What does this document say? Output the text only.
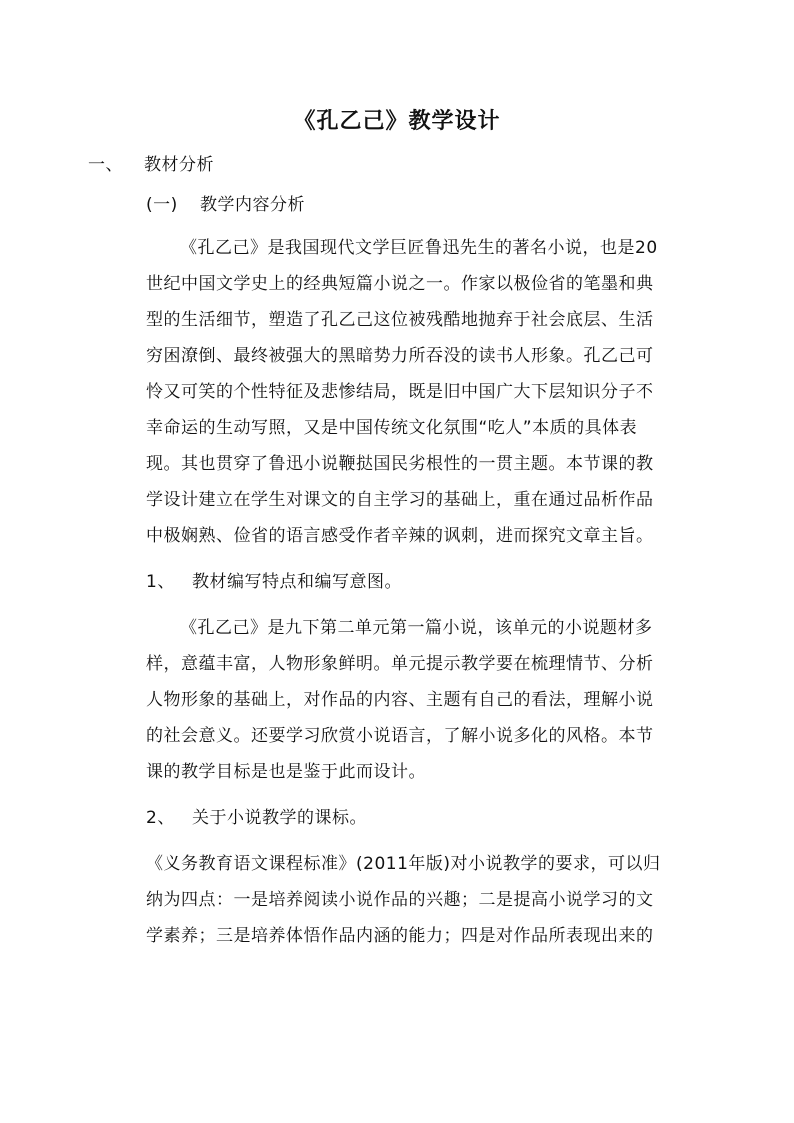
《孔乙己》教学设计
一、 教材分析
(一) 教学内容分析
《孔乙己》是我国现代文学巨匠鲁迅先生的著名小说，也是20
世纪中国文学史上的经典短篇小说之一。作家以极俭省的笔墨和典
型的生活细节，塑造了孔乙己这位被残酷地抛弃于社会底层、生活
穷困潦倒、最终被强大的黑暗势力所吞没的读书人形象。孔乙己可
怜又可笑的个性特征及悲惨结局，既是旧中国广大下层知识分子不
幸命运的生动写照，又是中国传统文化氛围“吃人”本质的具体表
现。其也贯穿了鲁迅小说鞭挞国民劣根性的一贯主题。本节课的教
学设计建立在学生对课文的自主学习的基础上，重在通过品析作品
中极娴熟、俭省的语言感受作者辛辣的讽刺，进而探究文章主旨。
1、 教材编写特点和编写意图。
《孔乙己》是九下第二单元第一篇小说，该单元的小说题材多
样，意蕴丰富，人物形象鲜明。单元提示教学要在梳理情节、分析
人物形象的基础上，对作品的内容、主题有自己的看法，理解小说
的社会意义。还要学习欣赏小说语言，了解小说多化的风格。本节
课的教学目标是也是鉴于此而设计。
2、 关于小说教学的课标。
《义务教育语文课程标准》(2011年版)对小说教学的要求，可以归
纳为四点：一是培养阅读小说作品的兴趣；二是提高小说学习的文
学素养；三是培养体悟作品内涵的能力；四是对作品所表现出来的
